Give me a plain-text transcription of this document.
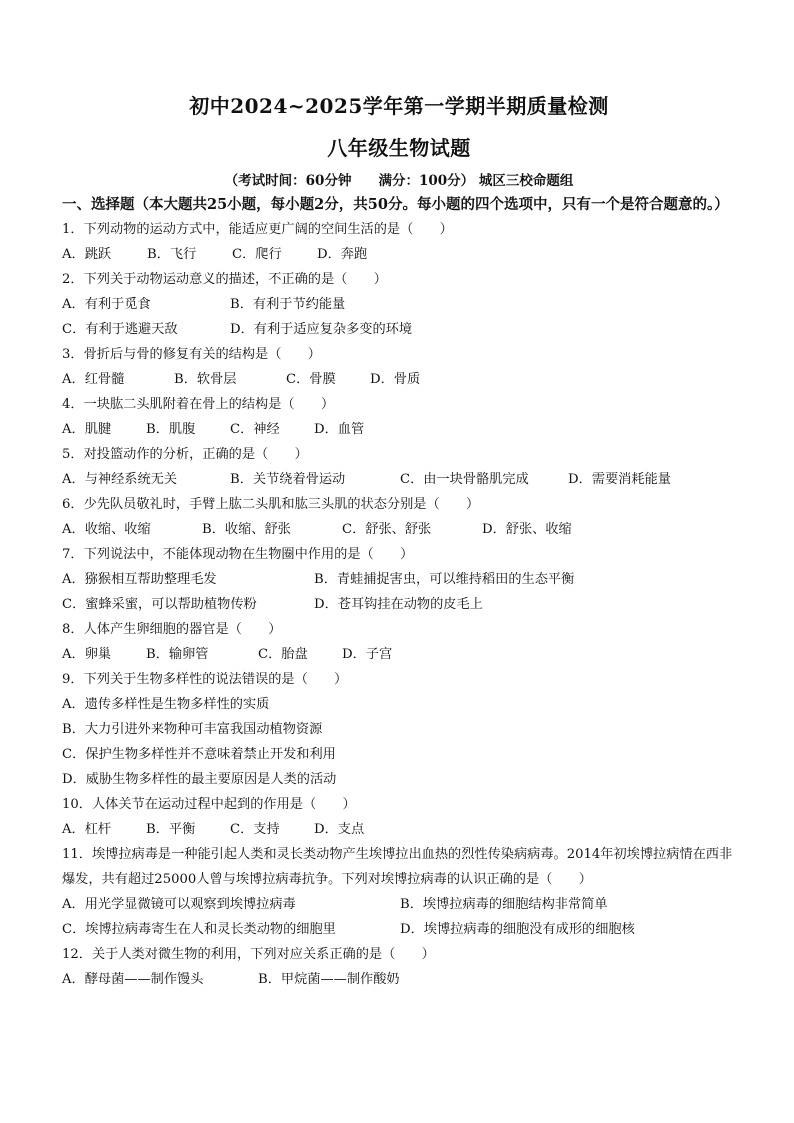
初中2024~2025学年第一学期半期质量检测
八年级生物试题
（考试时间：60分钟　　满分：100分） 城区三校命题组
一、选择题（本大题共25小题，每小题2分，共50分。每小题的四个选项中，只有一个是符合题意的。）
1．下列动物的运动方式中，能适应更广阔的空间生活的是（　　）
A．跳跃	B．飞行	C．爬行	D．奔跑
2．下列关于动物运动意义的描述，不正确的是（　　）
A．有利于觅食	B．有利于节约能量
C．有利于逃避天敌	D．有利于适应复杂多变的环境
3．骨折后与骨的修复有关的结构是（　　）
A．红骨髓	B．软骨层	C．骨膜	D．骨质
4．一块肱二头肌附着在骨上的结构是（　　）
A．肌腱	B．肌腹	C．神经	D．血管
5．对投篮动作的分析，正确的是（　　）
A．与神经系统无关	B．关节绕着骨运动	C．由一块骨骼肌完成	D．需要消耗能量
6．少先队员敬礼时，手臂上肱二头肌和肱三头肌的状态分别是（　　）
A．收缩、收缩	B．收缩、舒张	C．舒张、舒张	D．舒张、收缩
7．下列说法中，不能体现动物在生物圈中作用的是（　　）
A．猕猴相互帮助整理毛发	B．青蛙捕捉害虫，可以维持稻田的生态平衡
C．蜜蜂采蜜，可以帮助植物传粉	D．苍耳钩挂在动物的皮毛上
8．人体产生卵细胞的器官是（　　）
A．卵巢	B．输卵管	C．胎盘	D．子宫
9．下列关于生物多样性的说法错误的是（　　）
A．遗传多样性是生物多样性的实质
B．大力引进外来物种可丰富我国动植物资源
C．保护生物多样性并不意味着禁止开发和利用
D．威胁生物多样性的最主要原因是人类的活动
10．人体关节在运动过程中起到的作用是（　　）
A．杠杆	B．平衡	C．支持	D．支点
11．埃博拉病毒是一种能引起人类和灵长类动物产生埃博拉出血热的烈性传染病病毒。2014年初埃博拉病情在西非爆发，共有超过25000人曾与埃博拉病毒抗争。下列对埃博拉病毒的认识正确的是（　　）
A．用光学显微镜可以观察到埃博拉病毒	B．埃博拉病毒的细胞结构非常简单
C．埃博拉病毒寄生在人和灵长类动物的细胞里	D．埃博拉病毒的细胞没有成形的细胞核
12．关于人类对微生物的利用，下列对应关系正确的是（　　）
A．酵母菌——制作馒头	B．甲烷菌——制作酸奶
